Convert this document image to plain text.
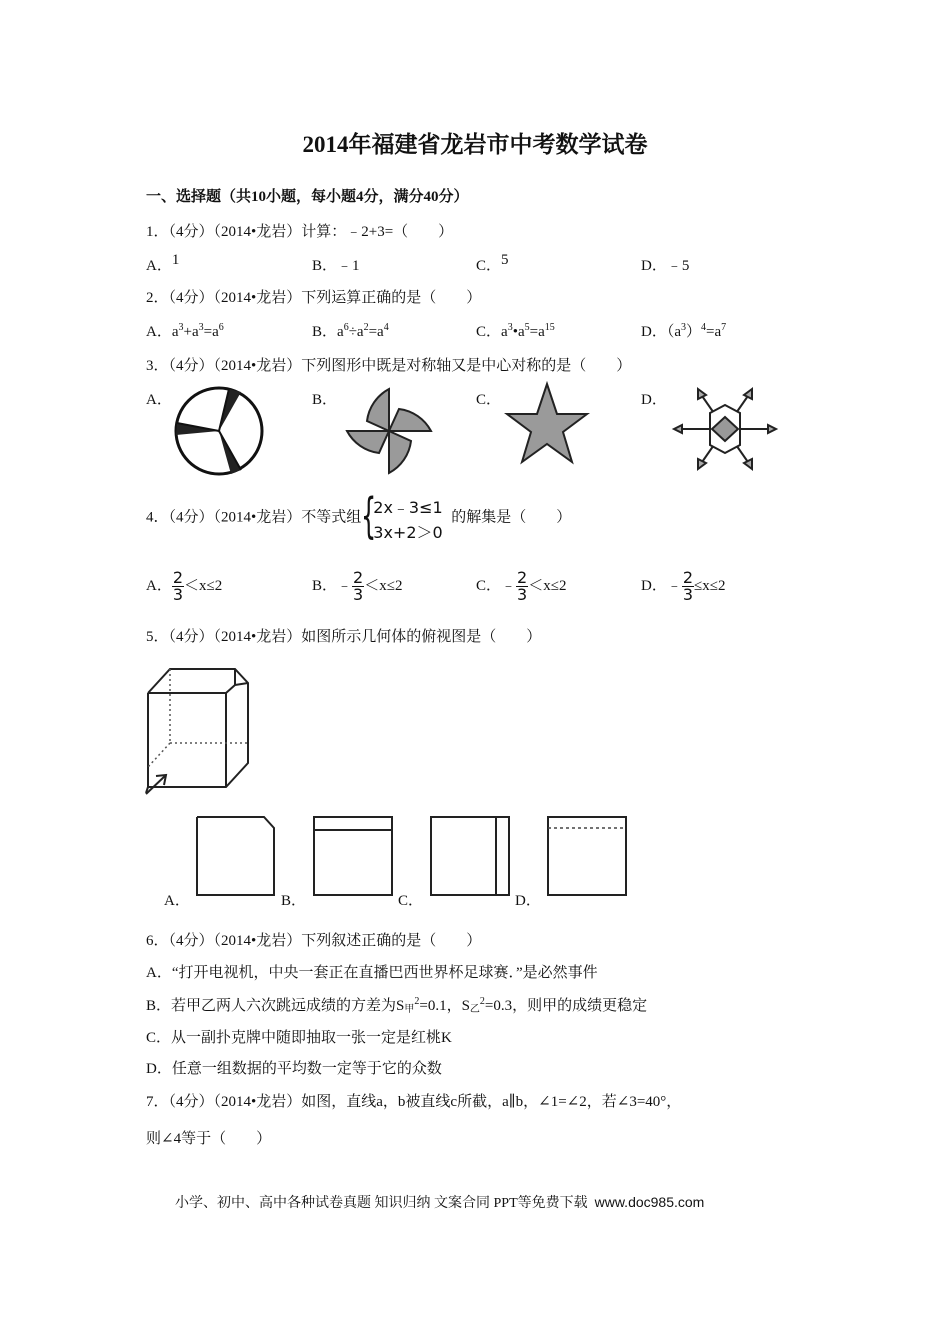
2014年福建省龙岩市中考数学试卷
一、选择题（共10小题，每小题4分，满分40分）
1．（4分）（2014•龙岩）计算：﹣2+3=（　　）
A．1	B．﹣1	C．5	D．﹣5
2．（4分）（2014•龙岩）下列运算正确的是（　　）
A．$a^3+a^3=a^6$	B．$a^6\div a^2=a^4$	C．$a^3•a^5=a^{15}$	D．$(a^3)^4=a^7$
3．（4分）（2014•龙岩）下列图形中既是对称轴又是中心对称的是（　　）
A．	B．	C．	D．
4．（4分）（2014•龙岩）不等式组 {
2x﹣3≤1
3x+2＞0
的解集是（　　）
A． $\frac{2}{3} <x\le 2$	B．﹣ $\frac{2}{3} <x\le 2$	C．﹣ $\frac{2}{3} <x\le 2$	D．﹣ $\frac{2}{3} \le x\le 2$
5．（4分）（2014•龙岩）如图所示几何体的俯视图是（　　）
A．	B．	C．	D．
6．（4分）（2014•龙岩）下列叙述正确的是（　　）
A．“打开电视机，中央一套正在直播巴西世界杯足球赛．”是必然事件
B．若甲乙两人六次跳远成绩的方差为$S_甲^2=0.1$，$S_乙^2=0.3$，则甲的成绩更稳定
C．从一副扑克牌中随即抽取一张一定是红桃K
D．任意一组数据的平均数一定等于它的众数
7．（4分）（2014•龙岩）如图，直线a，b被直线c所截，a∥b，∠1=∠2，若∠3=40°，
则∠4等于（　　）
小学、初中、高中各种试卷真题 知识归纳 文案合同 PPT等免费下载 www.doc985.com
